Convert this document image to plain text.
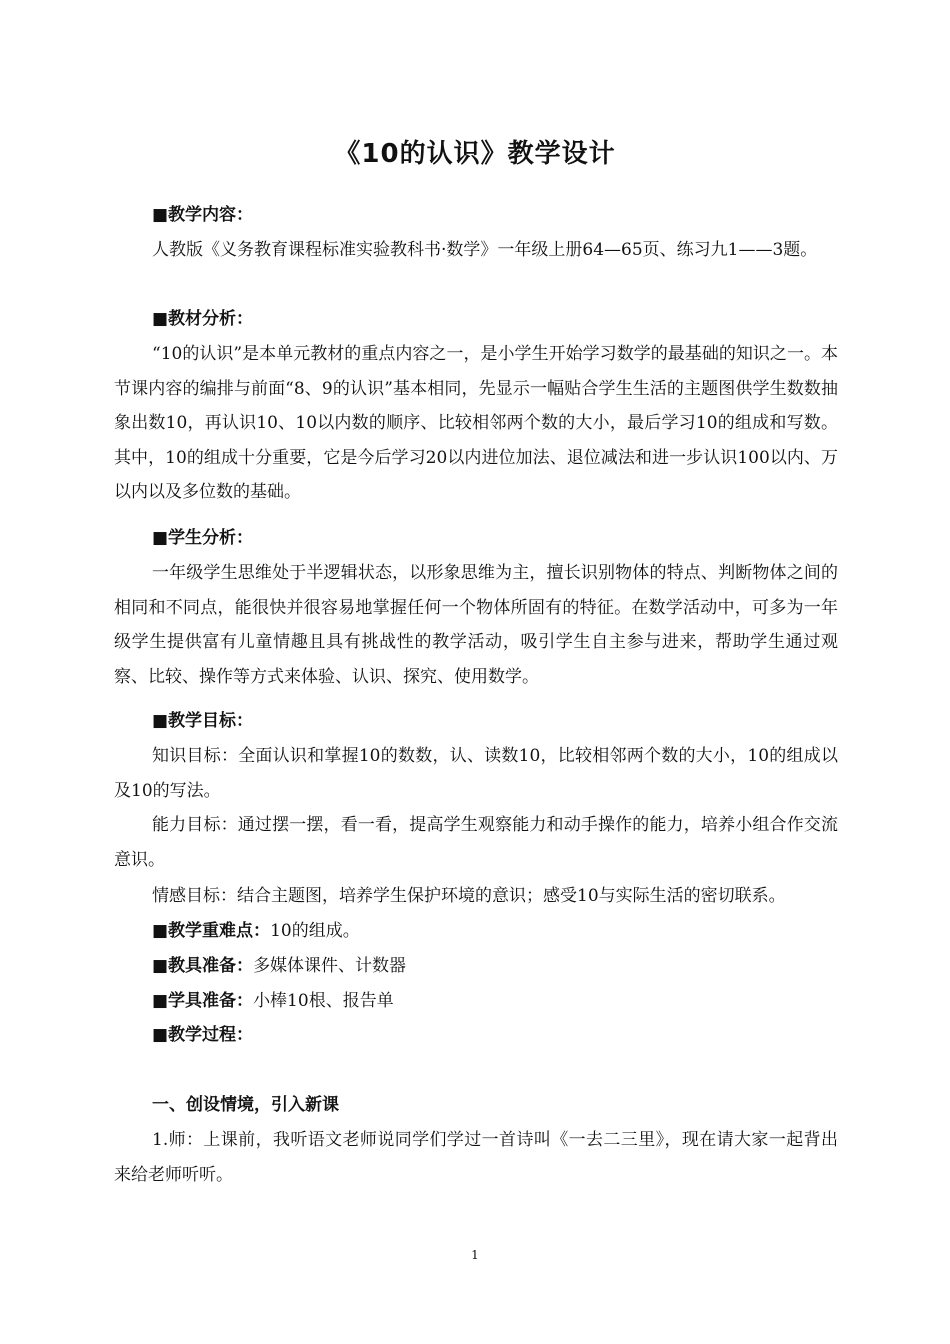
《10的认识》教学设计
■教学内容：
人教版《义务教育课程标准实验教科书·数学》一年级上册64—65页、练习九1——3题。
■教材分析：
“10的认识”是本单元教材的重点内容之一，是小学生开始学习数学的最基础的知识之一。本节课内容的编排与前面“8、9的认识”基本相同，先显示一幅贴合学生生活的主题图供学生数数抽象出数10，再认识10、10以内数的顺序、比较相邻两个数的大小，最后学习10的组成和写数。其中，10的组成十分重要，它是今后学习20以内进位加法、退位减法和进一步认识100以内、万以内以及多位数的基础。
■学生分析：
一年级学生思维处于半逻辑状态，以形象思维为主，擅长识别物体的特点、判断物体之间的相同和不同点，能很快并很容易地掌握任何一个物体所固有的特征。在数学活动中，可多为一年级学生提供富有儿童情趣且具有挑战性的教学活动，吸引学生自主参与进来，帮助学生通过观察、比较、操作等方式来体验、认识、探究、使用数学。
■教学目标：
知识目标：全面认识和掌握10的数数，认、读数10，比较相邻两个数的大小，10的组成以及10的写法。
能力目标：通过摆一摆，看一看，提高学生观察能力和动手操作的能力，培养小组合作交流意识。
情感目标：结合主题图，培养学生保护环境的意识；感受10与实际生活的密切联系。
■教学重难点：10的组成。
■教具准备：多媒体课件、计数器
■学具准备：小棒10根、报告单
■教学过程：
一、创设情境，引入新课
1.师：上课前，我听语文老师说同学们学过一首诗叫《一去二三里》，现在请大家一起背出来给老师听听。
1
